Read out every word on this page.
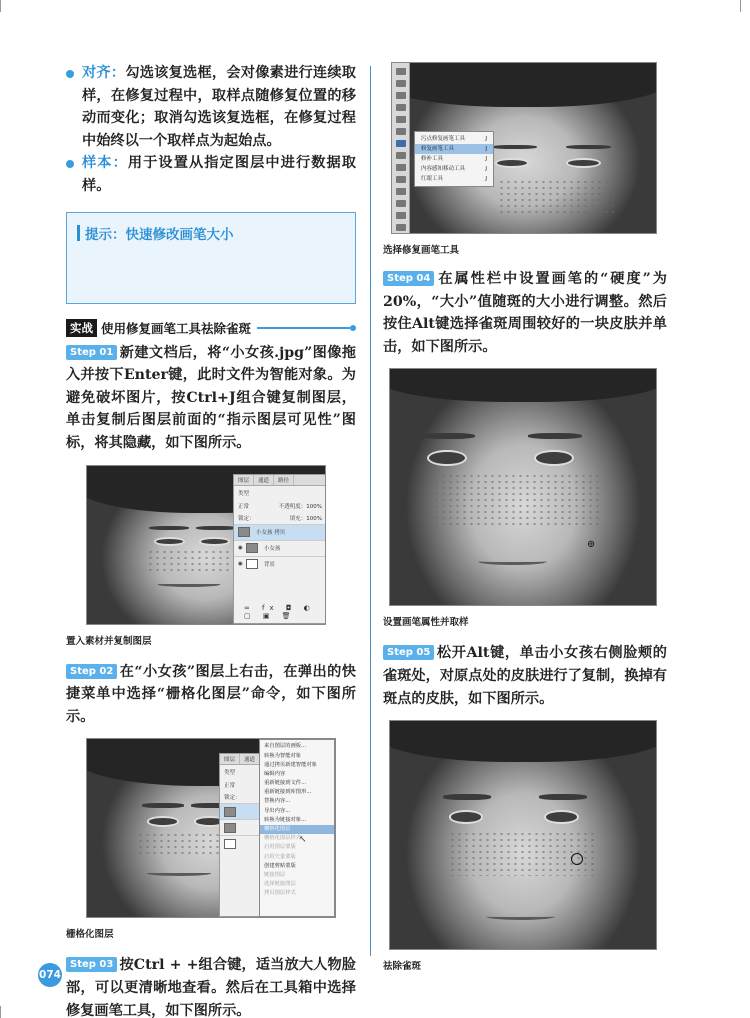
对齐：勾选该复选框，会对像素进行连续取样，在修复过程中，取样点随修复位置的移动而变化；取消勾选该复选框，在修复过程中始终以一个取样点为起始点。
样本：用于设置从指定图层中进行数据取样。
提示：快速修改画笔大小
实战 使用修复画笔工具祛除雀斑
Step 01 新建文档后，将“小女孩.jpg”图像拖入并按下Enter键，此时文件为智能对象。为避免破坏图片，按Ctrl+J组合键复制图层，单击复制后图层前面的“指示图层可见性”图标，将其隐藏，如下图所示。
图层 通道 路径
类型
正常	不透明度：100%
锁定：	填充：100%
小女孩 拷贝
◉	小女孩
◉	背景
∞ fx ◘ ◐ ▢ ▣ 🗑
置入素材并复制图层
Step 02 在“小女孩”图层上右击，在弹出的快捷菜单中选择“栅格化图层”命令，如下图所示。
图层 通道
类型
正常
锁定：
来自图层的画板...
转换为智能对象
通过拷贝新建智能对象
编辑内容
重新链接到文件...
重新链接到库图形...
替换内容...
导出内容...
转换为链接对象...
栅格化图层
栅格化图层样式
启用图层蒙版
启用矢量蒙版
创建剪贴蒙版
链接图层
选择链接图层
拷贝图层样式
↖
栅格化图层
Step 03 按Ctrl + +组合键，适当放大人物脸部，可以更清晰地查看。然后在工具箱中选择修复画笔工具，如下图所示。
污点修复画笔工具	J
修复画笔工具	J
修补工具	J
内容感知移动工具	J
红眼工具	J
选择修复画笔工具
Step 04 在属性栏中设置画笔的“硬度”为20%，“大小”值随斑的大小进行调整。然后按住Alt键选择雀斑周围较好的一块皮肤并单击，如下图所示。
⊕
设置画笔属性并取样
Step 05 松开Alt键，单击小女孩右侧脸颊的雀斑处，对原点处的皮肤进行了复制，换掉有斑点的皮肤，如下图所示。
祛除雀斑
074
